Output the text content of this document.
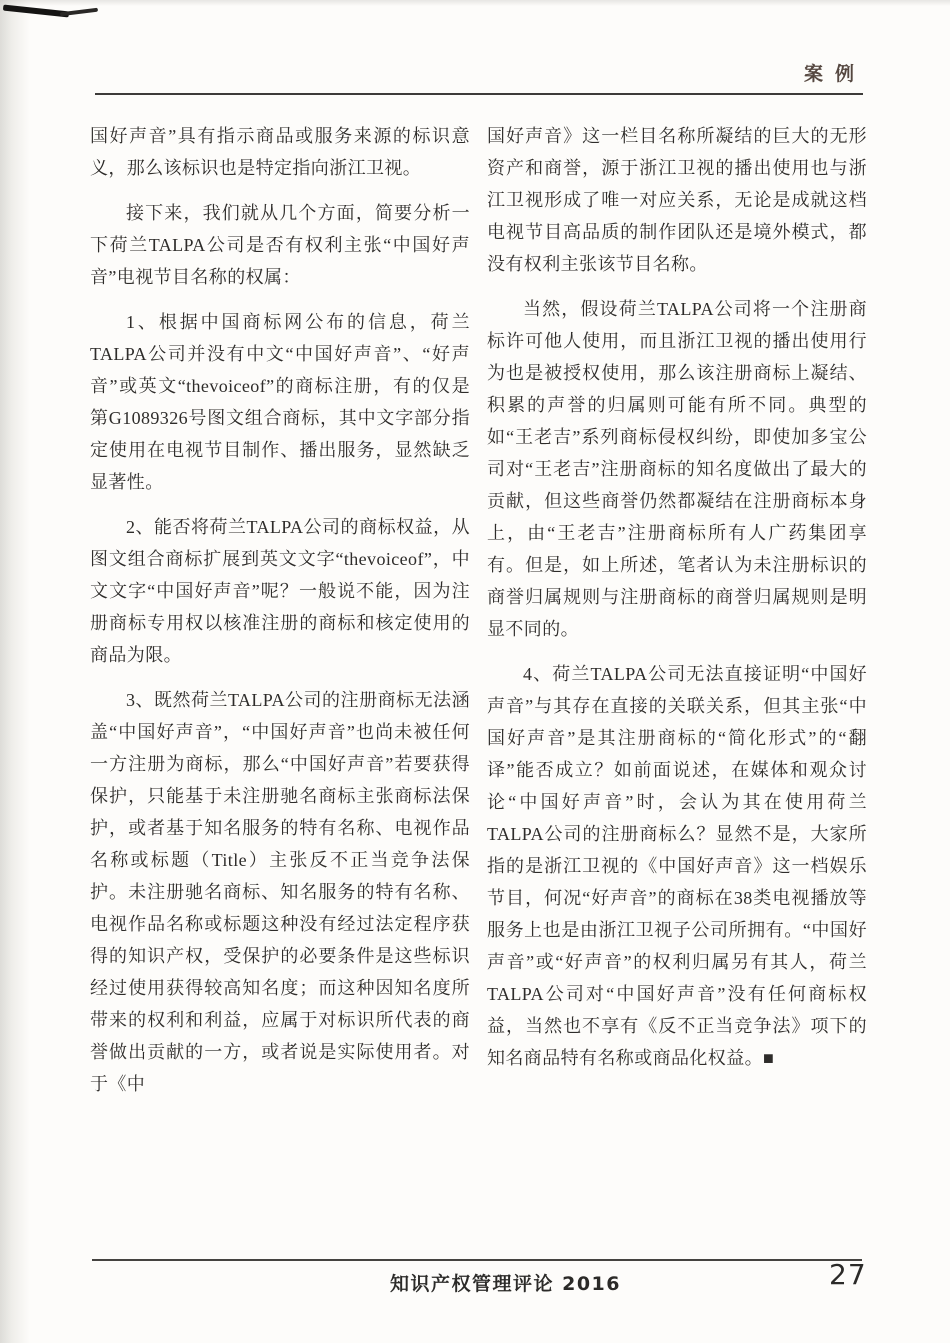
案例

国好声音”具有指示商品或服务来源的标识意义，那么该标识也是特定指向浙江卫视。

接下来，我们就从几个方面，简要分析一下荷兰TALPA公司是否有权利主张“中国好声音”电视节目名称的权属：

1、根据中国商标网公布的信息，荷兰TALPA公司并没有中文“中国好声音”、“好声音”或英文“thevoiceof”的商标注册，有的仅是第G1089326号图文组合商标，其中文字部分指定使用在电视节目制作、播出服务，显然缺乏显著性。

2、能否将荷兰TALPA公司的商标权益，从图文组合商标扩展到英文文字“thevoiceof”，中文文字“中国好声音”呢？一般说不能，因为注册商标专用权以核准注册的商标和核定使用的商品为限。

3、既然荷兰TALPA公司的注册商标无法涵盖“中国好声音”，“中国好声音”也尚未被任何一方注册为商标，那么“中国好声音”若要获得保护，只能基于未注册驰名商标主张商标法保护，或者基于知名服务的特有名称、电视作品名称或标题（Title）主张反不正当竞争法保护。未注册驰名商标、知名服务的特有名称、电视作品名称或标题这种没有经过法定程序获得的知识产权，受保护的必要条件是这些标识经过使用获得较高知名度；而这种因知名度所带来的权利和利益，应属于对标识所代表的商誉做出贡献的一方，或者说是实际使用者。对于《中

国好声音》这一栏目名称所凝结的巨大的无形资产和商誉，源于浙江卫视的播出使用也与浙江卫视形成了唯一对应关系，无论是成就这档电视节目高品质的制作团队还是境外模式，都没有权利主张该节目名称。

当然，假设荷兰TALPA公司将一个注册商标许可他人使用，而且浙江卫视的播出使用行为也是被授权使用，那么该注册商标上凝结、积累的声誉的归属则可能有所不同。典型的如“王老吉”系列商标侵权纠纷，即使加多宝公司对“王老吉”注册商标的知名度做出了最大的贡献，但这些商誉仍然都凝结在注册商标本身上，由“王老吉”注册商标所有人广药集团享有。但是，如上所述，笔者认为未注册标识的商誉归属规则与注册商标的商誉归属规则是明显不同的。

4、荷兰TALPA公司无法直接证明“中国好声音”与其存在直接的关联关系，但其主张“中国好声音”是其注册商标的“简化形式”的“翻译”能否成立？如前面说述，在媒体和观众讨论“中国好声音”时，会认为其在使用荷兰TALPA公司的注册商标么？显然不是，大家所指的是浙江卫视的《中国好声音》这一档娱乐节目，何况“好声音”的商标在38类电视播放等服务上也是由浙江卫视子公司所拥有。“中国好声音”或“好声音”的权利归属另有其人，荷兰TALPA公司对“中国好声音”没有任何商标权益，当然也不享有《反不正当竞争法》项下的知名商品特有名称或商品化权益。■

知识产权管理评论 2016	27
